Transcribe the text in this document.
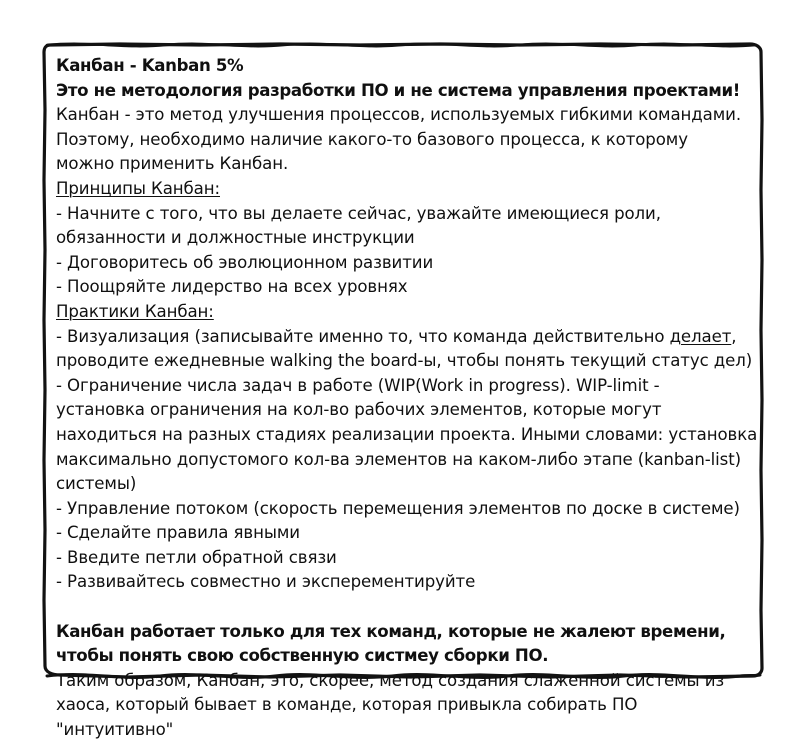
Канбан - Kanban 5%
Это не методология разработки ПО и не система управления проектами!
Канбан - это метод улучшения процессов, используемых гибкими командами.
Поэтому, необходимо наличие какого-то базового процесса, к которому
можно применить Канбан.
Принципы Канбан:
- Начните с того, что вы делаете сейчас, уважайте имеющиеся роли,
обязанности и должностные инструкции
- Договоритесь об эволюционном развитии
- Поощряйте лидерство на всех уровнях
Практики Канбан:
- Визуализация (записывайте именно то, что команда действительно делает,
проводите ежедневные walking the board-ы, чтобы понять текущий статус дел)
- Ограничение числа задач в работе (WIP(Work in progress). WIP-limit -
установка ограничения на кол-во рабочих элементов, которые могут
находиться на разных стадиях реализации проекта. Иными словами: установка
максимально допустомого кол-ва элементов на каком-либо этапе (kanban-list)
системы)
- Управление потоком (скорость перемещения элементов по доске в системе)
- Сделайте правила явными
- Введите петли обратной связи
- Развивайтесь совместно и эксперементируйте
Канбан работает только для тех команд, которые не жалеют времени,
чтобы понять свою собственную систмеу сборки ПО.
Таким образом, Канбан, это, скорее, метод создания слаженной системы из
хаоса, который бывает в команде, которая привыкла собирать ПО
"интуитивно"
